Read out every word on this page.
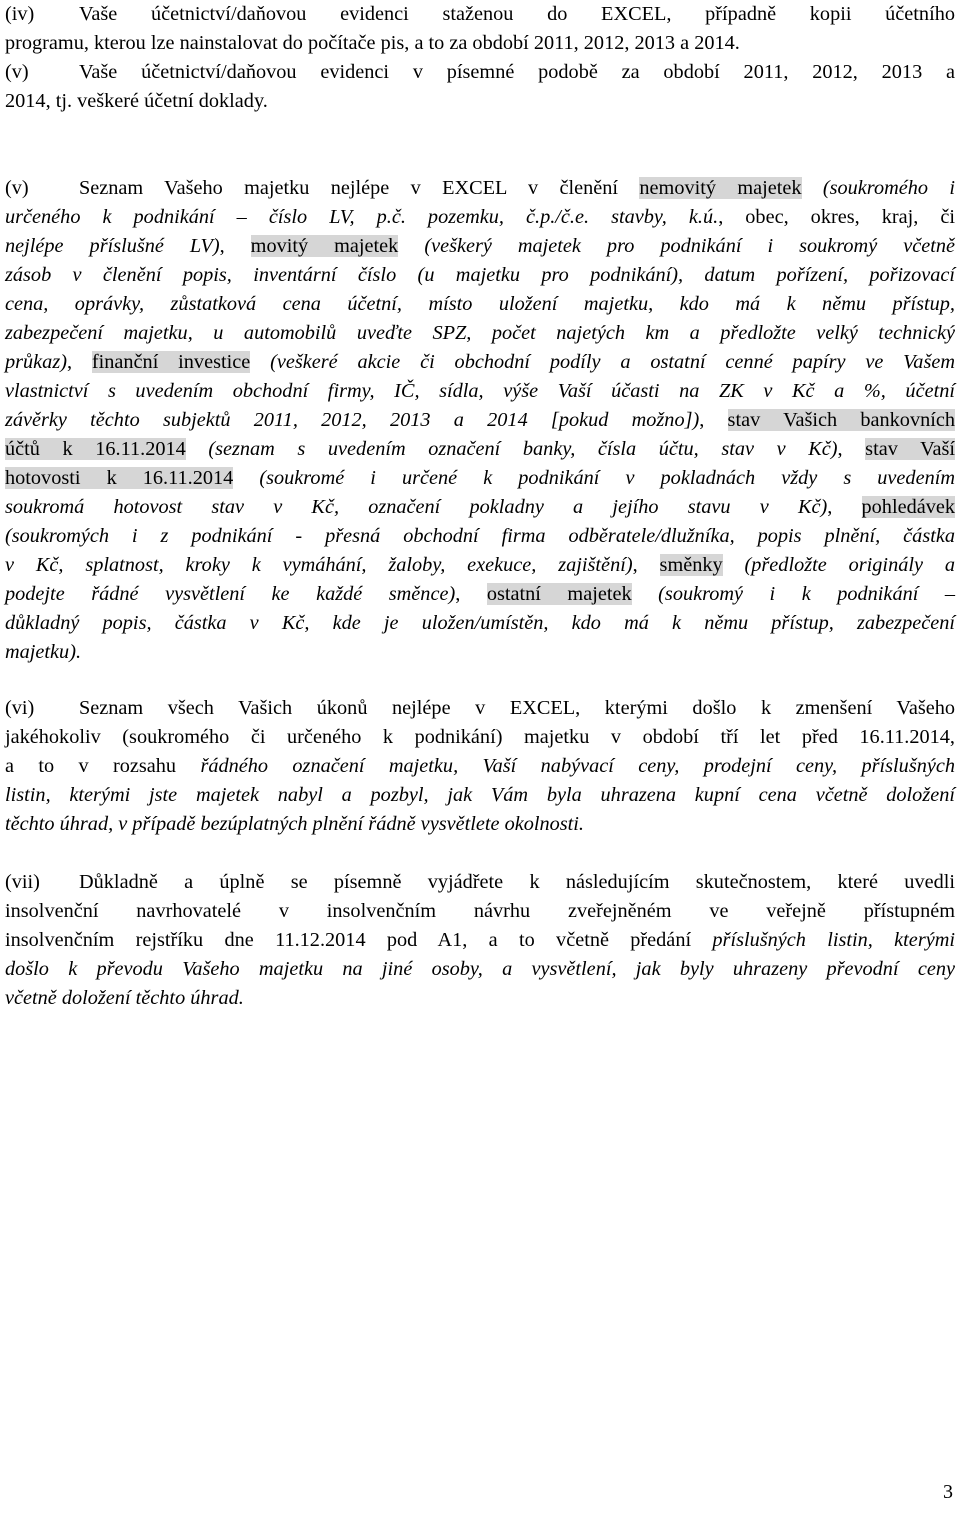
(iv) Vaše účetnictví/daňovou evidenci staženou do EXCEL, případně kopii účetního
programu, kterou lze nainstalovat do počítače pis, a to za období 2011, 2012, 2013 a 2014.
(v) Vaše účetnictví/daňovou evidenci v písemné podobě za období 2011, 2012, 2013 a
2014, tj. veškeré účetní doklady.
(v) Seznam Vašeho majetku nejlépe v EXCEL v členění nemovitý majetek (soukromého i
určeného k podnikání – číslo LV, p.č. pozemku, č.p./č.e. stavby, k.ú., obec, okres, kraj, či
nejlépe příslušné LV), movitý majetek (veškerý majetek pro podnikání i soukromý včetně
zásob v členění popis, inventární číslo (u majetku pro podnikání), datum pořízení, pořizovací
cena, oprávky, zůstatková cena účetní, místo uložení majetku, kdo má k němu přístup,
zabezpečení majetku, u automobilů uveďte SPZ, počet najetých km a předložte velký technický
průkaz), finanční investice (veškeré akcie či obchodní podíly a ostatní cenné papíry ve Vašem
vlastnictví s uvedením obchodní firmy, IČ, sídla, výše Vaší účasti na ZK v Kč a %, účetní
závěrky těchto subjektů 2011, 2012, 2013 a 2014 [pokud možno]), stav Vašich bankovních
účtů k 16.11.2014 (seznam s uvedením označení banky, čísla účtu, stav v Kč), stav Vaší
hotovosti k 16.11.2014 (soukromé i určené k podnikání v pokladnách vždy s uvedením
soukromá hotovost stav v Kč, označení pokladny a jejího stavu v Kč), pohledávek
(soukromých i z podnikání - přesná obchodní firma odběratele/dlužníka, popis plnění, částka
v Kč, splatnost, kroky k vymáhání, žaloby, exekuce, zajištění), směnky (předložte originály a
podejte řádné vysvětlení ke každé směnce), ostatní majetek (soukromý i k podnikání –
důkladný popis, částka v Kč, kde je uložen/umístěn, kdo má k němu přístup, zabezpečení
majetku).
(vi) Seznam všech Vašich úkonů nejlépe v EXCEL, kterými došlo k zmenšení Vašeho
jakéhokoliv (soukromého či určeného k podnikání) majetku v období tří let před 16.11.2014,
a to v rozsahu řádného označení majetku, Vaší nabývací ceny, prodejní ceny, příslušných
listin, kterými jste majetek nabyl a pozbyl, jak Vám byla uhrazena kupní cena včetně doložení
těchto úhrad, v případě bezúplatných plnění řádně vysvětlete okolnosti.
(vii) Důkladně a úplně se písemně vyjádřete k následujícím skutečnostem, které uvedli
insolvenční navrhovatelé v insolvenčním návrhu zveřejněném ve veřejně přístupném
insolvenčním rejstříku dne 11.12.2014 pod A1, a to včetně předání příslušných listin, kterými
došlo k převodu Vašeho majetku na jiné osoby, a vysvětlení, jak byly uhrazeny převodní ceny
včetně doložení těchto úhrad.
3
